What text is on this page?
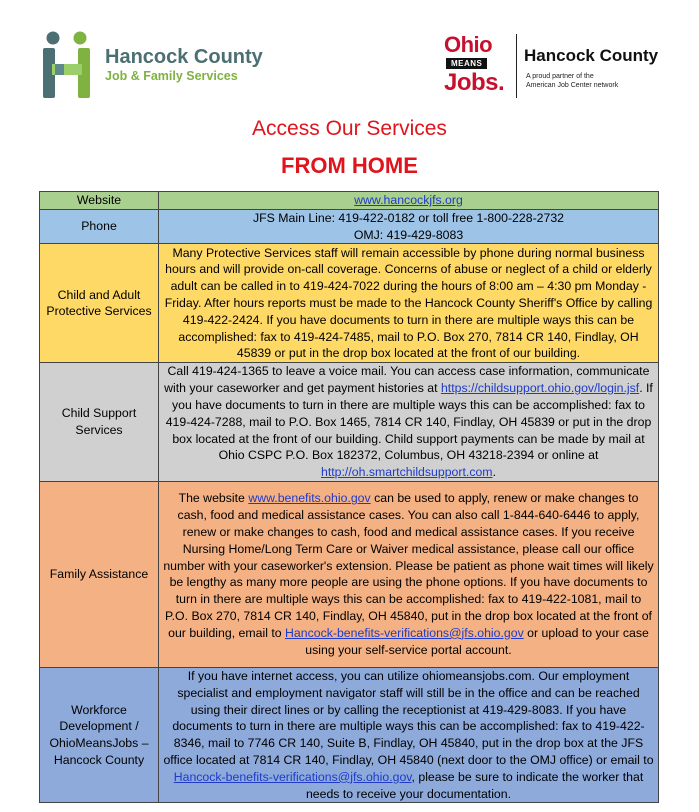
Hancock County
Job & Family Services
Ohio
MEANS
Jobs.
Hancock County
A proud partner of the
American Job Center network
Access Our Services
FROM HOME
Website	www.hancockjfs.org
Phone	JFS Main Line: 419-422-0182 or toll free 1-800-228-2732
OMJ: 419-429-8083

Child and Adult Protective Services	Many Protective Services staff will remain accessible by phone during normal business hours and will provide on-call coverage. Concerns of abuse or neglect of a child or elderly adult can be called in to 419-424-7022 during the hours of 8:00 am – 4:30 pm Monday - Friday. After hours reports must be made to the Hancock County Sheriff's Office by calling 419-422-2424. If you have documents to turn in there are multiple ways this can be accomplished: fax to 419-424-7485, mail to P.O. Box 270, 7814 CR 140, Findlay, OH 45839 or put in the drop box located at the front of our building.
Child Support Services	Call 419-424-1365 to leave a voice mail. You can access case information, communicate with your caseworker and get payment histories at https://childsupport.ohio.gov/login.jsf. If you have documents to turn in there are multiple ways this can be accomplished: fax to 419-424-7288, mail to P.O. Box 1465, 7814 CR 140, Findlay, OH 45839 or put in the drop box located at the front of our building. Child support payments can be made by mail at Ohio CSPC P.O. Box 182372, Columbus, OH 43218-2394 or online at http://oh.smartchildsupport.com.
Family Assistance	The website www.benefits.ohio.gov can be used to apply, renew or make changes to cash, food and medical assistance cases. You can also call 1-844-640-6446 to apply, renew or make changes to cash, food and medical assistance cases. If you receive Nursing Home/Long Term Care or Waiver medical assistance, please call our office number with your caseworker's extension. Please be patient as phone wait times will likely be lengthy as many more people are using the phone options. If you have documents to turn in there are multiple ways this can be accomplished: fax to 419-422-1081, mail to P.O. Box 270, 7814 CR 140, Findlay, OH 45840, put in the drop box located at the front of our building, email to Hancock-benefits-verifications@jfs.ohio.gov or upload to your case using your self-service portal account.
Workforce Development / OhioMeansJobs – Hancock County	If you have internet access, you can utilize ohiomeansjobs.com. Our employment specialist and employment navigator staff will still be in the office and can be reached using their direct lines or by calling the receptionist at 419-429-8083. If you have documents to turn in there are multiple ways this can be accomplished: fax to 419-422-8346, mail to 7746 CR 140, Suite B, Findlay, OH 45840, put in the drop box at the JFS office located at 7814 CR 140, Findlay, OH 45840 (next door to the OMJ office) or email to Hancock-benefits-verifications@jfs.ohio.gov, please be sure to indicate the worker that needs to receive your documentation.
